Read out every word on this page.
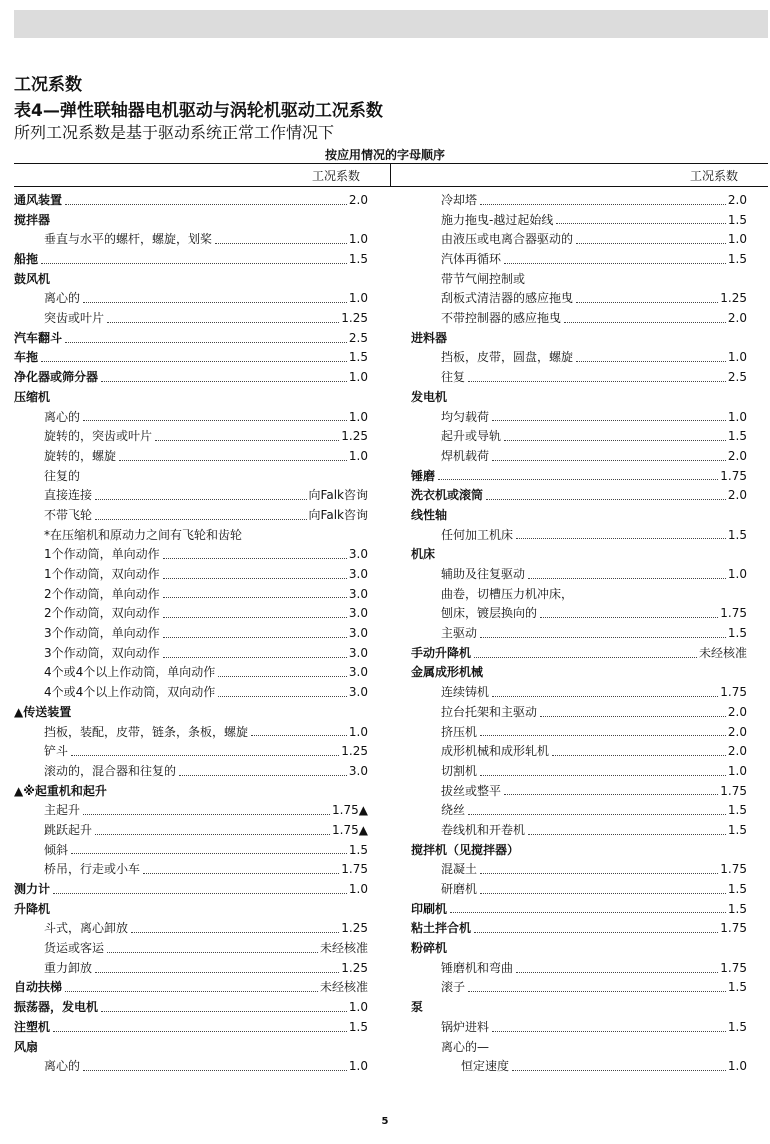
工况系数
表4—弹性联轴器电机驱动与涡轮机驱动工况系数
所列工况系数是基于驱动系统正常工作情况下
按应用情况的字母顺序
工况系数	工况系数
通风装置	2.0
搅拌器
垂直与水平的螺杆，螺旋，划桨	1.0
船拖	1.5
鼓风机
离心的	1.0
突齿或叶片	1.25
汽车翻斗	2.5
车拖	1.5
净化器或筛分器	1.0
压缩机
离心的	1.0
旋转的，突齿或叶片	1.25
旋转的，螺旋	1.0
往复的
直接连接	向Falk咨询
不带飞轮	向Falk咨询
*在压缩机和原动力之间有飞轮和齿轮
1个作动筒，单向动作	3.0
1个作动筒，双向动作	3.0
2个作动筒，单向动作	3.0
2个作动筒，双向动作	3.0
3个作动筒，单向动作	3.0
3个作动筒，双向动作	3.0
4个或4个以上作动筒，单向动作	3.0
4个或4个以上作动筒，双向动作	3.0
▲传送装置
挡板，装配，皮带，链条，条板，螺旋	1.0
铲斗	1.25
滚动的，混合器和往复的	3.0
▲※起重机和起升
主起升	1.75▲
跳跃起升	1.75▲
倾斜	1.5
桥吊，行走或小车	1.75
测力计	1.0
升降机
斗式，离心卸放	1.25
货运或客运	未经核准
重力卸放	1.25
自动扶梯	未经核准
振荡器，发电机	1.0
注塑机	1.5
风扇
离心的	1.0
冷却塔	2.0
施力拖曳-越过起始线	1.5
由液压或电离合器驱动的	1.0
汽体再循环	1.5
带节气闸控制或
刮板式清洁器的感应拖曳	1.25
不带控制器的感应拖曳	2.0
进料器
挡板，皮带，圆盘，螺旋	1.0
往复	2.5
发电机
均匀载荷	1.0
起升或导轨	1.5
焊机载荷	2.0
锤磨	1.75
洗衣机或滚筒	2.0
线性轴
任何加工机床	1.5
机床
辅助及往复驱动	1.0
曲卷，切槽压力机冲床，
刨床，镀层换向的	1.75
主驱动	1.5
手动升降机	未经核准
金属成形机械
连续铸机	1.75
拉台托架和主驱动	2.0
挤压机	2.0
成形机械和成形轧机	2.0
切割机	1.0
拔丝或整平	1.75
绕丝	1.5
卷线机和开卷机	1.5
搅拌机（见搅拌器）
混凝土	1.75
研磨机	1.5
印刷机	1.5
粘土拌合机	1.75
粉碎机
锤磨机和弯曲	1.75
滚子	1.5
泵
锅炉进料	1.5
离心的—
恒定速度	1.0
5
